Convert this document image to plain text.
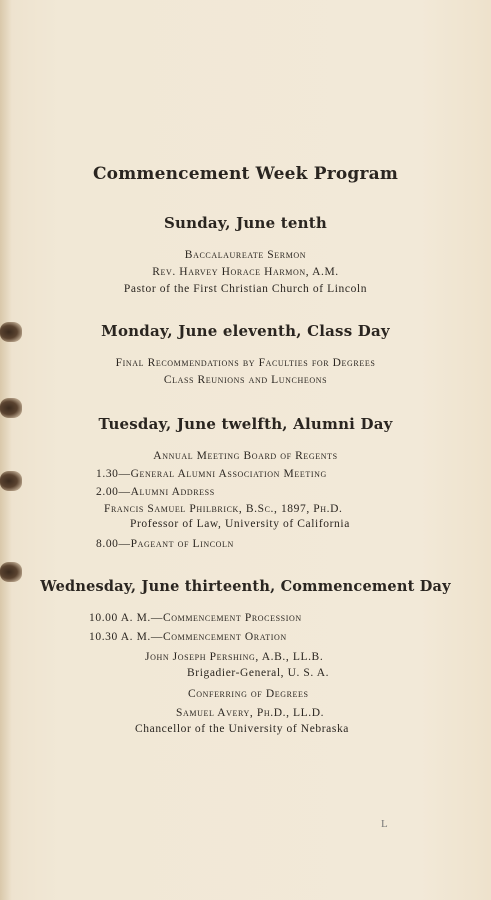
Commencement Week Program
Sunday, June tenth
Baccalaureate Sermon
Rev. Harvey Horace Harmon, A.M.
Pastor of the First Christian Church of Lincoln
Monday, June eleventh, Class Day
Final Recommendations by Faculties for Degrees
Class Reunions and Luncheons
Tuesday, June twelfth, Alumni Day
Annual Meeting Board of Regents
1.30—General Alumni Association Meeting
2.00—Alumni Address
Francis Samuel Philbrick, B.Sc., 1897, Ph.D.
Professor of Law, University of California
8.00—Pageant of Lincoln
Wednesday, June thirteenth, Commencement Day
10.00 A. M.—Commencement Procession
10.30 A. M.—Commencement Oration
John Joseph Pershing, A.B., LL.B.
Brigadier-General, U. S. A.
Conferring of Degrees
Samuel Avery, Ph.D., LL.D.
Chancellor of the University of Nebraska
L
